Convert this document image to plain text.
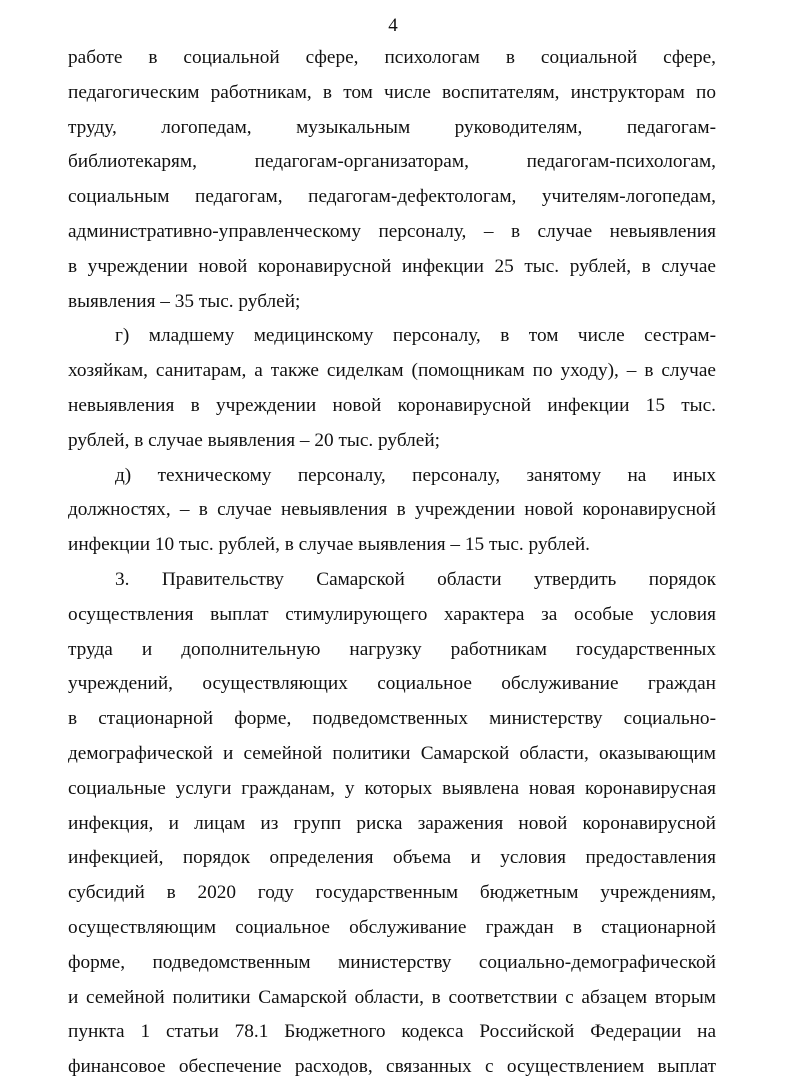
4
работе в социальной сфере, психологам в социальной сфере,
педагогическим работникам, в том числе воспитателям, инструкторам по
труду, логопедам, музыкальным руководителям, педагогам-
библиотекарям, педагогам-организаторам, педагогам-психологам,
социальным педагогам, педагогам-дефектологам, учителям-логопедам,
административно-управленческому персоналу, – в случае невыявления
в учреждении новой коронавирусной инфекции 25 тыс. рублей, в случае
выявления – 35 тыс. рублей;
г) младшему медицинскому персоналу, в том числе сестрам-
хозяйкам, санитарам, а также сиделкам (помощникам по уходу), – в случае
невыявления в учреждении новой коронавирусной инфекции 15 тыс.
рублей, в случае выявления – 20 тыс. рублей;
д) техническому персоналу, персоналу, занятому на иных
должностях, – в случае невыявления в учреждении новой коронавирусной
инфекции 10 тыс. рублей, в случае выявления – 15 тыс. рублей.
3. Правительству Самарской области утвердить порядок
осуществления выплат стимулирующего характера за особые условия
труда и дополнительную нагрузку работникам государственных
учреждений, осуществляющих социальное обслуживание граждан
в стационарной форме, подведомственных министерству социально-
демографической и семейной политики Самарской области, оказывающим
социальные услуги гражданам, у которых выявлена новая коронавирусная
инфекция, и лицам из групп риска заражения новой коронавирусной
инфекцией, порядок определения объема и условия предоставления
субсидий в 2020 году государственным бюджетным учреждениям,
осуществляющим социальное обслуживание граждан в стационарной
форме, подведомственным министерству социально-демографической
и семейной политики Самарской области, в соответствии с абзацем вторым
пункта 1 статьи 78.1 Бюджетного кодекса Российской Федерации на
финансовое обеспечение расходов, связанных с осуществлением выплат
